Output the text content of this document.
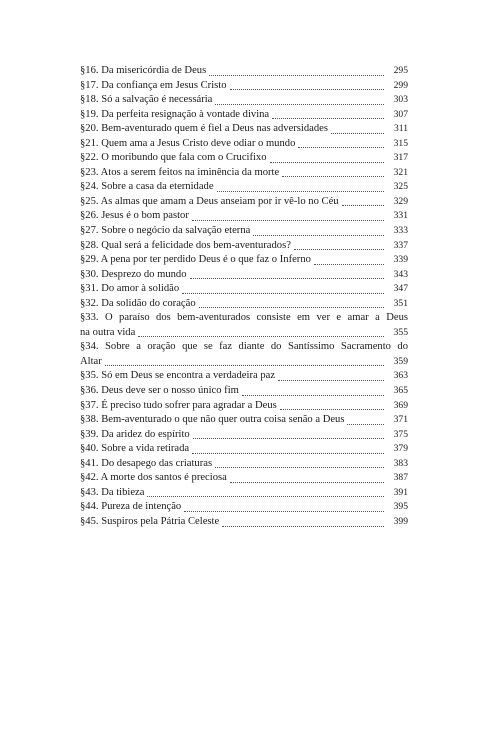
§16. Da misericórdia de Deus	295
§17. Da confiança em Jesus Cristo	299
§18. Só a salvação é necessária	303
§19. Da perfeita resignação à vontade divina	307
§20. Bem-aventurado quem é fiel a Deus nas adversidades	311
§21. Quem ama a Jesus Cristo deve odiar o mundo	315
§22. O moribundo que fala com o Crucifixo	317
§23. Atos a serem feitos na iminência da morte	321
§24. Sobre a casa da eternidade	325
§25. As almas que amam a Deus anseiam por ir vê-lo no Céu	329
§26. Jesus é o bom pastor	331
§27. Sobre o negócio da salvação eterna	333
§28. Qual será a felicidade dos bem-aventurados?	337
§29. A pena por ter perdido Deus é o que faz o Inferno	339
§30. Desprezo do mundo	343
§31. Do amor à solidão	347
§32. Da solidão do coração	351
§33. O paraíso dos bem-aventurados consiste em ver e amar a Deus
na outra vida	355
§34. Sobre a oração que se faz diante do Santíssimo Sacramento do
Altar	359
§35. Só em Deus se encontra a verdadeira paz	363
§36. Deus deve ser o nosso único fim	365
§37. É preciso tudo sofrer para agradar a Deus	369
§38. Bem-aventurado o que não quer outra coisa senão a Deus	371
§39. Da aridez do espírito	375
§40. Sobre a vida retirada	379
§41. Do desapego das criaturas	383
§42. A morte dos santos é preciosa	387
§43. Da tibieza	391
§44. Pureza de intenção	395
§45. Suspiros pela Pátria Celeste	399
